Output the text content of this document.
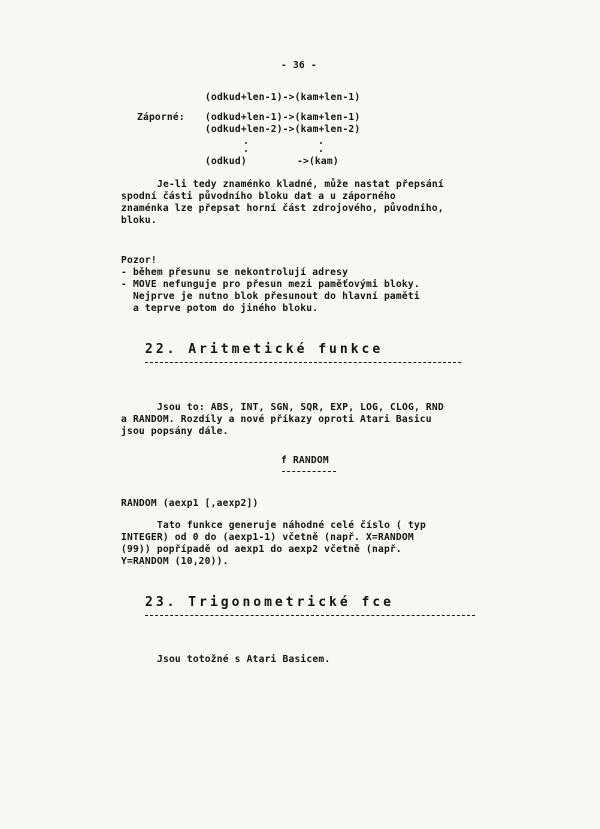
- 36 -
(odkud+len-1)->(kam+len-1)
Záporné: (odkud+len-1)->(kam+len-1)
(odkud+len-2)->(kam+len-2)
(odkud)	->(kam)
Je-li tedy znaménko kladné, může nastat přepsání
spodní části původního bloku dat a u záporného
znaménka lze přepsat horní část zdrojového, původního,
bloku.
Pozor!
- během přesunu se nekontrolují adresy
- MOVE nefunguje pro přesun mezi paměťovými bloky.
Nejprve je nutno blok přesunout do hlavní paměti
a teprve potom do jiného bloku.
22. Aritmetické funkce
Jsou to: ABS, INT, SGN, SQR, EXP, LOG, CLOG, RND
a RANDOM. Rozdíly a nové příkazy oproti Atari Basicu
jsou popsány dále.
f RANDOM
RANDOM (aexp1 [,aexp2])
Tato funkce generuje náhodné celé číslo ( typ
INTEGER) od 0 do (aexp1-1) včetně (např. X=RANDOM
(99)) popřípadě od aexp1 do aexp2 včetně (např.
Y=RANDOM (10,20)).
23. Trigonometrické fce
Jsou totožné s Atari Basicem.
